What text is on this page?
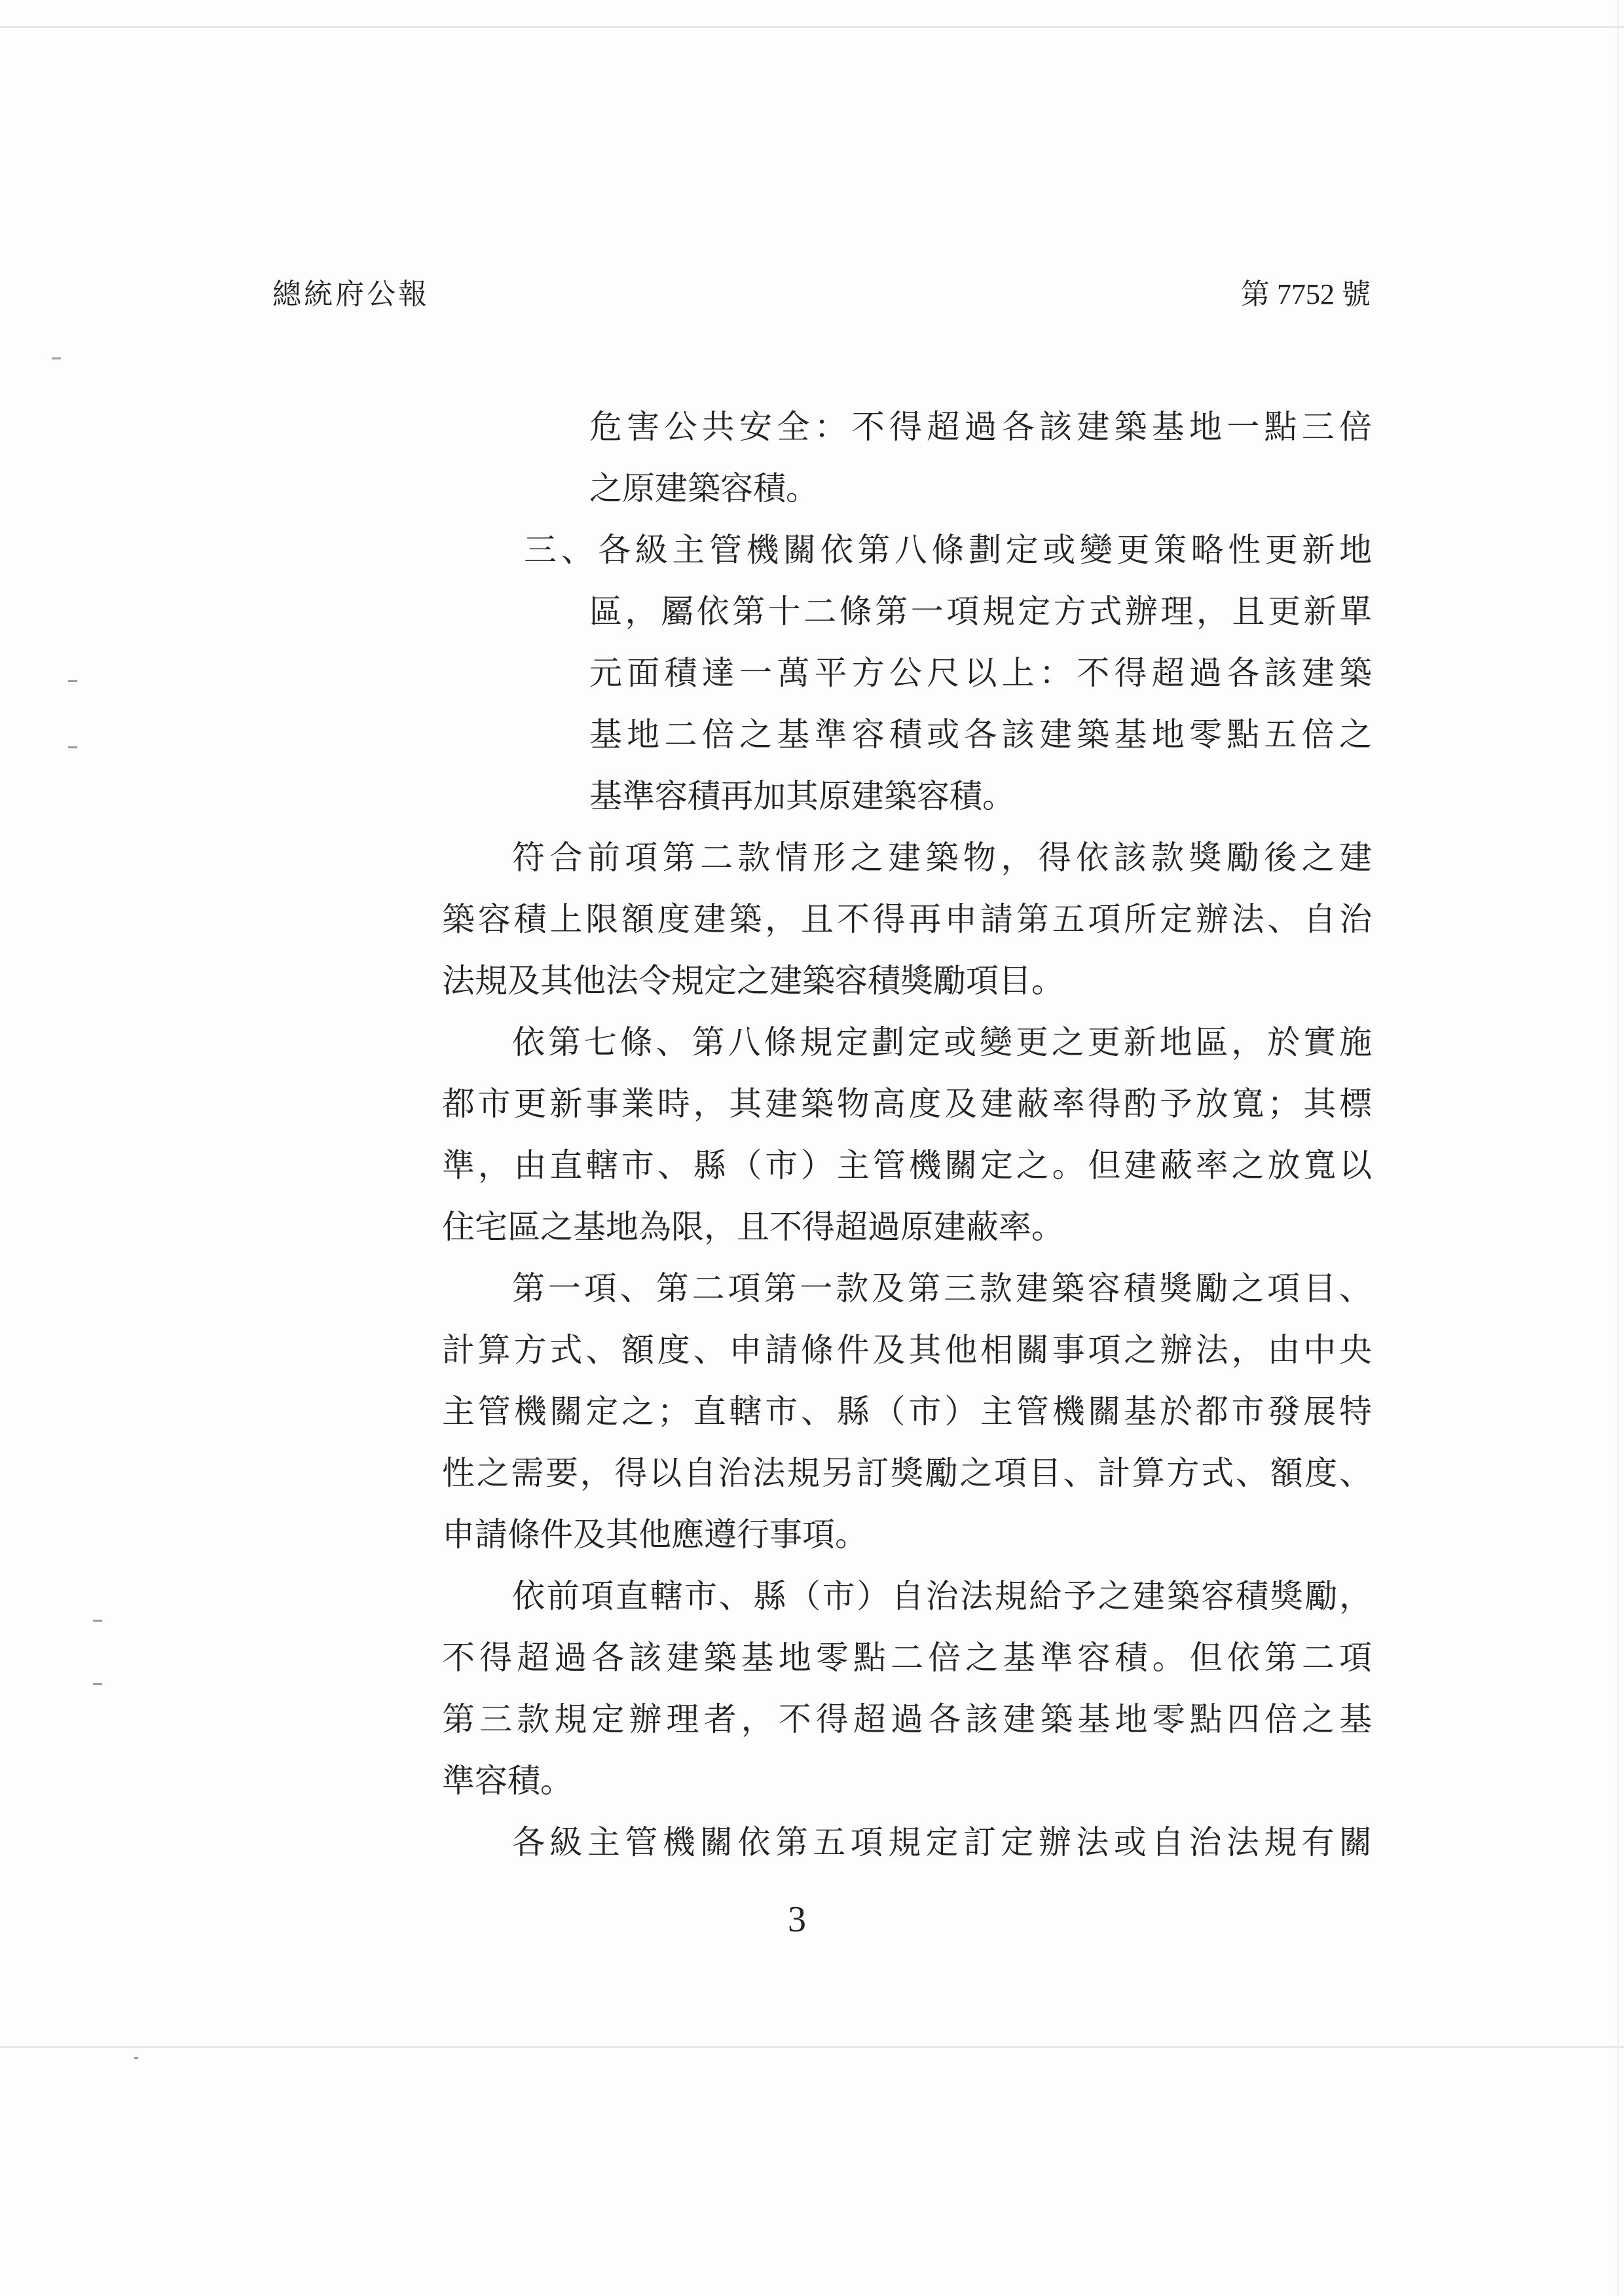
總統府公報	第 7752 號
危害公共安全：不得超過各該建築基地一點三倍
之原建築容積。
三、各級主管機關依第八條劃定或變更策略性更新地
區，屬依第十二條第一項規定方式辦理，且更新單
元面積達一萬平方公尺以上：不得超過各該建築
基地二倍之基準容積或各該建築基地零點五倍之
基準容積再加其原建築容積。
符合前項第二款情形之建築物，得依該款獎勵後之建
築容積上限額度建築，且不得再申請第五項所定辦法、自治
法規及其他法令規定之建築容積獎勵項目。
依第七條、第八條規定劃定或變更之更新地區，於實施
都市更新事業時，其建築物高度及建蔽率得酌予放寬；其標
準，由直轄市、縣（市）主管機關定之。但建蔽率之放寬以
住宅區之基地為限，且不得超過原建蔽率。
第一項、第二項第一款及第三款建築容積獎勵之項目、
計算方式、額度、申請條件及其他相關事項之辦法，由中央
主管機關定之；直轄市、縣（市）主管機關基於都市發展特
性之需要，得以自治法規另訂獎勵之項目、計算方式、額度、
申請條件及其他應遵行事項。
依前項直轄市、縣（市）自治法規給予之建築容積獎勵，
不得超過各該建築基地零點二倍之基準容積。但依第二項
第三款規定辦理者，不得超過各該建築基地零點四倍之基
準容積。
各級主管機關依第五項規定訂定辦法或自治法規有關
3
